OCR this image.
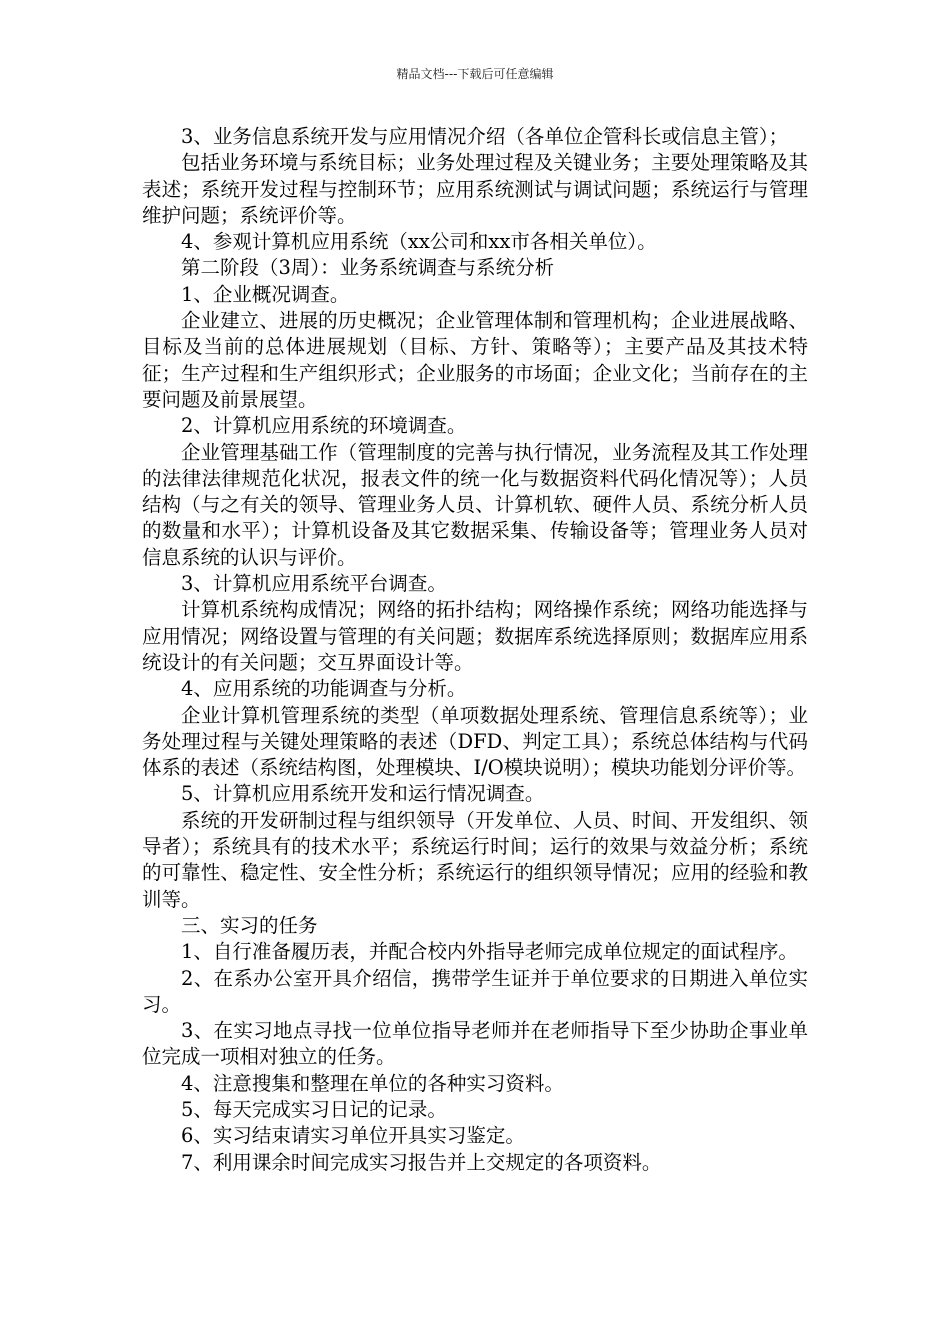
精品文档---下载后可任意编辑

3、业务信息系统开发与应用情况介绍（各单位企管科长或信息主管）；

包括业务环境与系统目标；业务处理过程及关键业务；主要处理策略及其表述；系统开发过程与控制环节；应用系统测试与调试问题；系统运行与管理维护问题；系统评价等。

4、参观计算机应用系统（xx公司和xx市各相关单位）。

第二阶段（3周）：业务系统调查与系统分析

1、企业概况调查。

企业建立、进展的历史概况；企业管理体制和管理机构；企业进展战略、目标及当前的总体进展规划（目标、方针、策略等）；主要产品及其技术特征；生产过程和生产组织形式；企业服务的市场面；企业文化；当前存在的主要问题及前景展望。

2、计算机应用系统的环境调查。

企业管理基础工作（管理制度的完善与执行情况，业务流程及其工作处理的法律法律规范化状况，报表文件的统一化与数据资料代码化情况等）；人员结构（与之有关的领导、管理业务人员、计算机软、硬件人员、系统分析人员的数量和水平）；计算机设备及其它数据采集、传输设备等；管理业务人员对信息系统的认识与评价。

3、计算机应用系统平台调查。

计算机系统构成情况；网络的拓扑结构；网络操作系统；网络功能选择与应用情况；网络设置与管理的有关问题；数据库系统选择原则；数据库应用系统设计的有关问题；交互界面设计等。

4、应用系统的功能调查与分析。

企业计算机管理系统的类型（单项数据处理系统、管理信息系统等）；业务处理过程与关键处理策略的表述（DFD、判定工具）；系统总体结构与代码体系的表述（系统结构图，处理模块、I/O模块说明）；模块功能划分评价等。

5、计算机应用系统开发和运行情况调查。

系统的开发研制过程与组织领导（开发单位、人员、时间、开发组织、领导者）；系统具有的技术水平；系统运行时间；运行的效果与效益分析；系统的可靠性、稳定性、安全性分析；系统运行的组织领导情况；应用的经验和教训等。

三、实习的任务

1、自行准备履历表，并配合校内外指导老师完成单位规定的面试程序。

2、在系办公室开具介绍信，携带学生证并于单位要求的日期进入单位实习。

3、在实习地点寻找一位单位指导老师并在老师指导下至少协助企事业单位完成一项相对独立的任务。

4、注意搜集和整理在单位的各种实习资料。

5、每天完成实习日记的记录。

6、实习结束请实习单位开具实习鉴定。

7、利用课余时间完成实习报告并上交规定的各项资料。
